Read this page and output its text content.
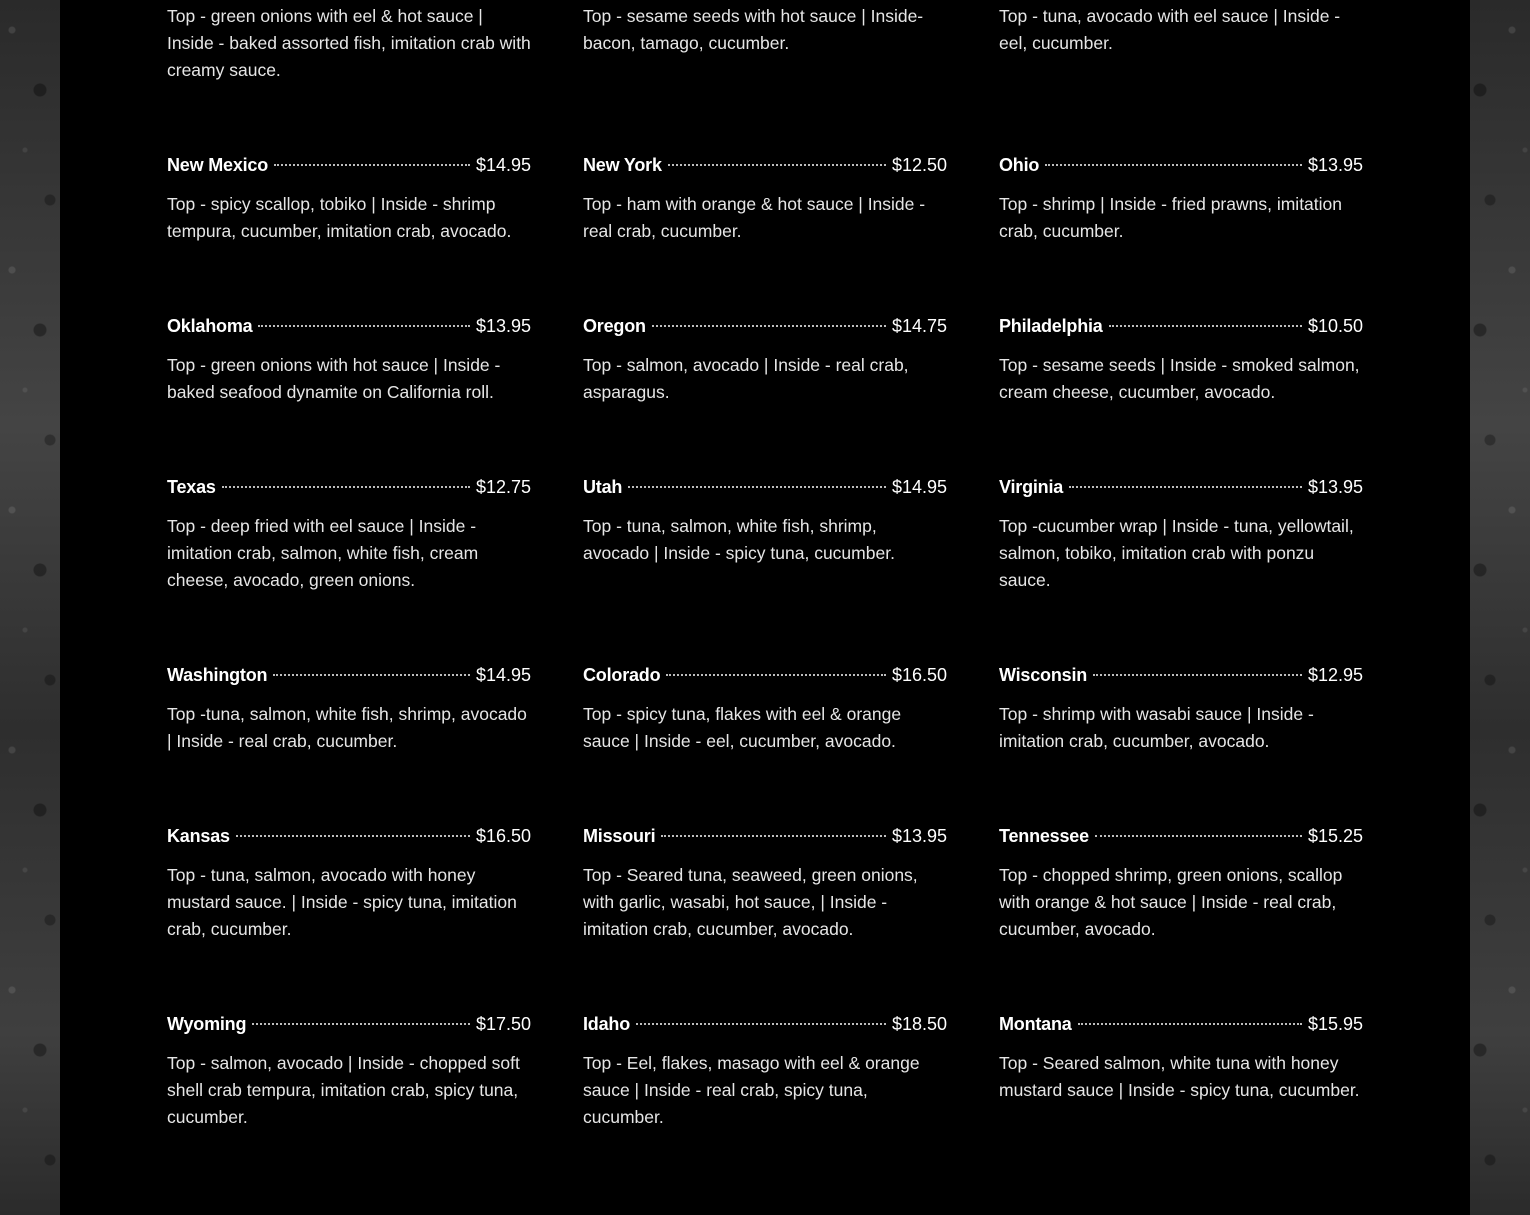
Top - green onions with eel & hot sauce | Inside - baked assorted fish, imitation crab with creamy sauce.
New Mexico	$14.95
Top - spicy scallop, tobiko | Inside - shrimp tempura, cucumber, imitation crab, avocado.
Oklahoma	$13.95
Top - green onions with hot sauce | Inside - baked seafood dynamite on California roll.
Texas	$12.75
Top - deep fried with eel sauce | Inside - imitation crab, salmon, white fish, cream cheese, avocado, green onions.
Washington	$14.95
Top -tuna, salmon, white fish, shrimp, avocado | Inside - real crab, cucumber.
Kansas	$16.50
Top - tuna, salmon, avocado with honey mustard sauce. | Inside - spicy tuna, imitation crab, cucumber.
Wyoming	$17.50
Top - salmon, avocado | Inside - chopped soft shell crab tempura, imitation crab, spicy tuna, cucumber.
Top - sesame seeds with hot sauce | Inside- bacon, tamago, cucumber.
New York	$12.50
Top - ham with orange & hot sauce | Inside - real crab, cucumber.
Oregon	$14.75
Top - salmon, avocado | Inside - real crab, asparagus.
Utah	$14.95
Top - tuna, salmon, white fish, shrimp, avocado | Inside - spicy tuna, cucumber.
Colorado	$16.50
Top - spicy tuna, flakes with eel & orange sauce | Inside - eel, cucumber, avocado.
Missouri	$13.95
Top - Seared tuna, seaweed, green onions, with garlic, wasabi, hot sauce, | Inside - imitation crab, cucumber, avocado.
Idaho	$18.50
Top - Eel, flakes, masago with eel & orange sauce | Inside - real crab, spicy tuna, cucumber.
Top - tuna, avocado with eel sauce | Inside - eel, cucumber.
Ohio	$13.95
Top - shrimp | Inside - fried prawns, imitation crab, cucumber.
Philadelphia	$10.50
Top - sesame seeds | Inside - smoked salmon, cream cheese, cucumber, avocado.
Virginia	$13.95
Top -cucumber wrap | Inside - tuna, yellowtail, salmon, tobiko, imitation crab with ponzu sauce.
Wisconsin	$12.95
Top - shrimp with wasabi sauce | Inside - imitation crab, cucumber, avocado.
Tennessee	$15.25
Top - chopped shrimp, green onions, scallop with orange & hot sauce | Inside - real crab, cucumber, avocado.
Montana	$15.95
Top - Seared salmon, white tuna with honey mustard sauce | Inside - spicy tuna, cucumber.
